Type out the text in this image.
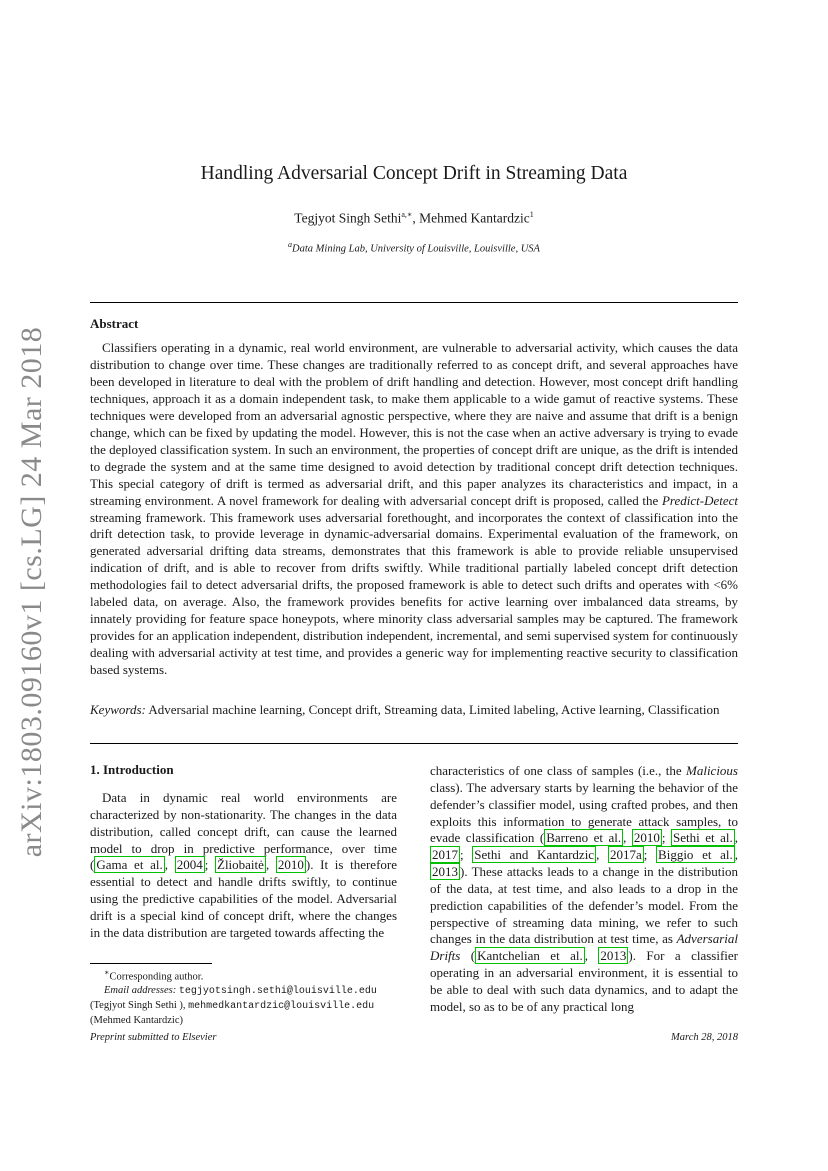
arXiv:1803.09160v1 [cs.LG] 24 Mar 2018
Handling Adversarial Concept Drift in Streaming Data
Tegjyot Singh Sethi$^{a,∗}$, Mehmed Kantardzic$^1$
$^a$Data Mining Lab, University of Louisville, Louisville, USA
Abstract
Classifiers operating in a dynamic, real world environment, are vulnerable to adversarial activity, which causes the data distribution to change over time. These changes are traditionally referred to as concept drift, and several approaches have been developed in literature to deal with the problem of drift handling and detection. However, most concept drift handling techniques, approach it as a domain independent task, to make them applicable to a wide gamut of reactive systems. These techniques were developed from an adversarial agnostic perspective, where they are naive and assume that drift is a benign change, which can be fixed by updating the model. However, this is not the case when an active adversary is trying to evade the deployed classification system. In such an environment, the properties of concept drift are unique, as the drift is intended to degrade the system and at the same time designed to avoid detection by traditional concept drift detection techniques. This special category of drift is termed as adversarial drift, and this paper analyzes its characteristics and impact, in a streaming environment. A novel framework for dealing with adversarial concept drift is proposed, called the Predict-Detect streaming framework. This framework uses adversarial forethought, and incorporates the context of classification into the drift detection task, to provide leverage in dynamic-adversarial domains. Experimental evaluation of the framework, on generated adversarial drifting data streams, demonstrates that this framework is able to provide reliable unsupervised indication of drift, and is able to recover from drifts swiftly. While traditional partially labeled concept drift detection methodologies fail to detect adversarial drifts, the proposed framework is able to detect such drifts and operates with <6% labeled data, on average. Also, the framework provides benefits for active learning over imbalanced data streams, by innately providing for feature space honeypots, where minority class adversarial samples may be captured. The framework provides for an application independent, distribution independent, incremental, and semi supervised system for continuously dealing with adversarial activity at test time, and provides a generic way for implementing reactive security to classification based systems.
Keywords: Adversarial machine learning, Concept drift, Streaming data, Limited labeling, Active learning, Classification
1. Introduction
Data in dynamic real world environments are characterized by non-stationarity. The changes in the data distribution, called concept drift, can cause the learned model to drop in predictive performance, over time ( Gama et al. , 2004 ; Žliobaitė , 2010 ). It is therefore essential to detect and handle drifts swiftly, to continue using the predictive capabilities of the model. Adversarial drift is a special kind of concept drift, where the changes in the data distribution are targeted towards affecting the
characteristics of one class of samples (i.e., the Malicious class). The adversary starts by learning the behavior of the defender’s classifier model, using crafted probes, and then exploits this information to generate attack samples, to evade classification ( Barreno et al. , 2010 ; Sethi et al. , 2017 ; Sethi and Kantardzic , 2017a ; Biggio et al. , 2013 ). These attacks leads to a change in the distribution of the data, at test time, and also leads to a drop in the prediction capabilities of the defender’s model. From the perspective of streaming data mining, we refer to such changes in the data distribution at test time, as Adversarial Drifts ( Kantchelian et al. , 2013 ). For a classifier operating in an adversarial environment, it is essential to be able to deal with such data dynamics, and to adapt the model, so as to be of any practical long
∗Corresponding author.
Email addresses: tegjyotsingh.sethi@louisville.edu
(Tegjyot Singh Sethi ), mehmedkantardzic@louisville.edu
(Mehmed Kantardzic)
Preprint submitted to Elsevier	March 28, 2018
